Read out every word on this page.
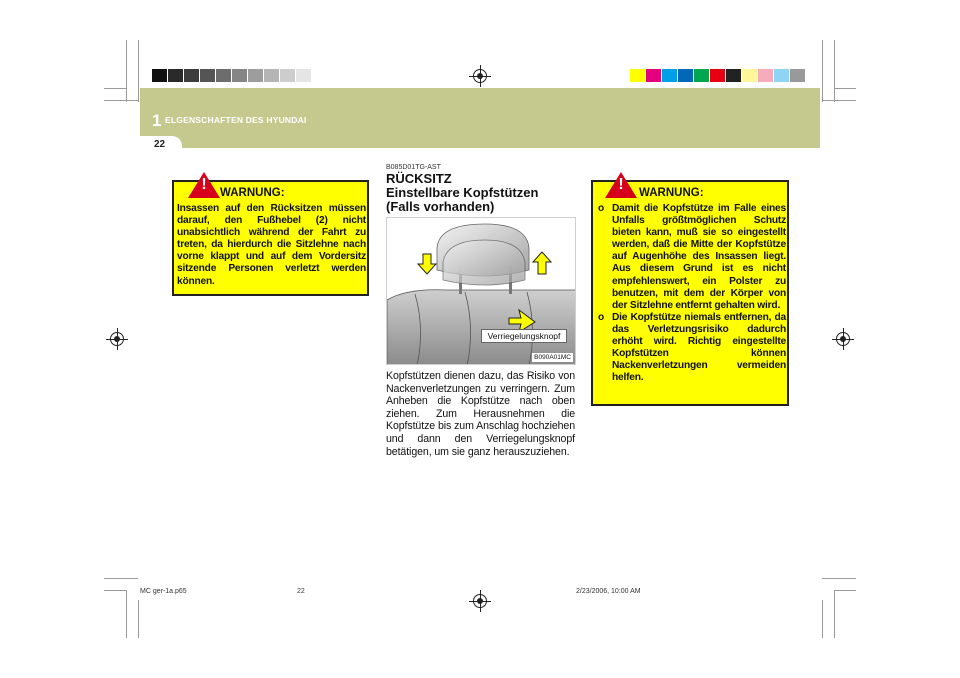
1 ELGENSCHAFTEN DES HYUNDAI
22
!	WARNUNG:
Insassen auf den Rücksitzen müssen darauf, den Fußhebel (2) nicht unabsichtlich während der Fahrt zu treten, da hierdurch die Sitzlehne nach vorne klappt und auf dem Vordersitz sitzende Personen verletzt werden können.
B085D01TG-AST
RÜCKSITZ
Einstellbare Kopfstützen
(Falls vorhanden)
Verriegelungsknopf
B090A01MC
Kopfstützen dienen dazu, das Risiko von Nackenverletzungen zu verringern. Zum Anheben die Kopfstütze nach oben ziehen. Zum Herausnehmen die Kopfstütze bis zum Anschlag hochziehen und dann den Verriegelungsknopf betätigen, um sie ganz herauszuziehen.
!	WARNUNG:
o Damit die Kopfstütze im Falle eines Unfalls größtmöglichen Schutz bieten kann, muß sie so eingestellt werden, daß die Mitte der Kopfstütze auf Augenhöhe des Insassen liegt. Aus diesem Grund ist es nicht empfehlenswert, ein Polster zu benutzen, mit dem der Körper von der Sitzlehne entfernt gehalten wird.
o Die Kopfstütze niemals entfernen, da das Verletzungsrisiko dadurch erhöht wird. Richtig eingestellte Kopfstützen können Nackenverletzungen vermeiden helfen.
MC ger-1a.p65	22	2/23/2006, 10:00 AM
